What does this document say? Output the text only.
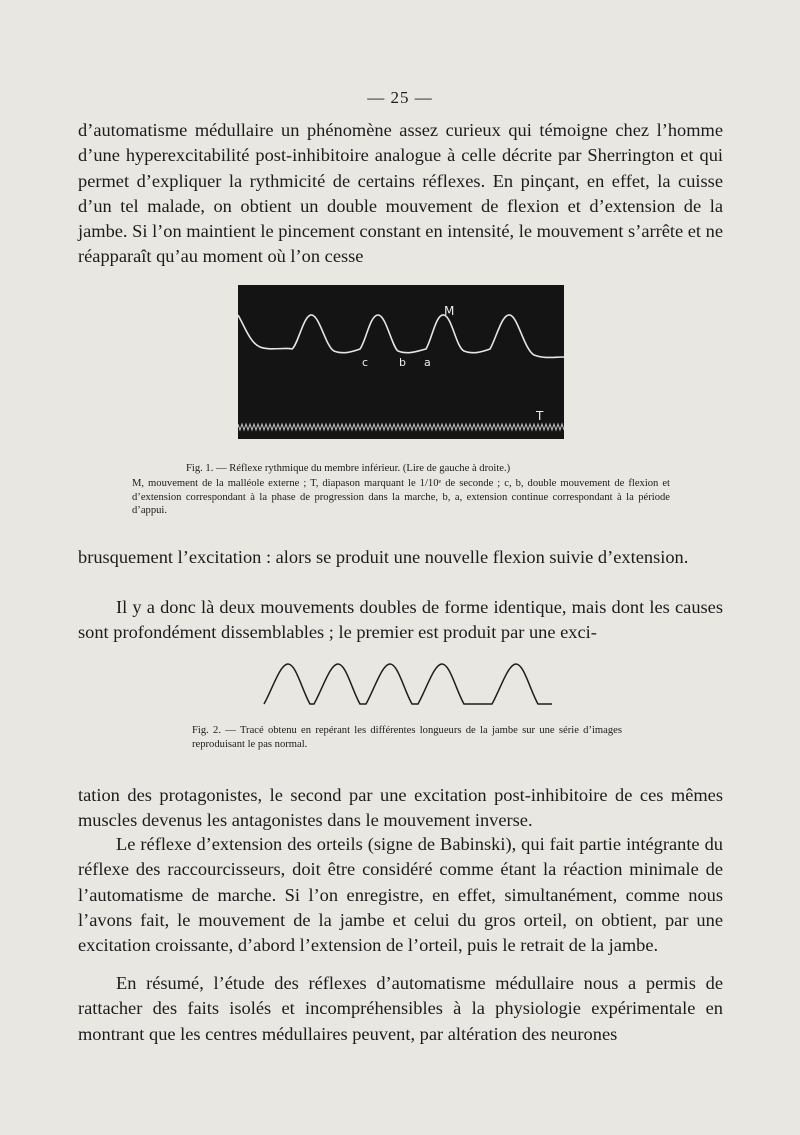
— 25 —

d’automatisme médullaire un phénomène assez curieux qui témoigne chez l’homme d’une hyperexcitabilité post-inhibitoire analogue à celle décrite par Sherrington et qui permet d’expliquer la rythmicité de certains réflexes. En pinçant, en effet, la cuisse d’un tel malade, on obtient un double mouvement de flexion et d’extension de la jambe. Si l’on maintient le pincement constant en intensité, le mouvement s’arrête et ne réapparaît qu’au moment où l’on cesse

M
c	b a
T

Fig. 1. — Réflexe rythmique du membre inférieur. (Lire de gauche à droite.)

M, mouvement de la malléole externe ; T, diapason marquant le 1/10ᵉ de seconde ; c, b, double mouvement de flexion et d’extension correspondant à la phase de progression dans la marche, b, a, extension continue correspondant à la période d’appui.

brusquement l’excitation : alors se produit une nouvelle flexion suivie d’extension.

Il y a donc là deux mouvements doubles de forme identique, mais dont les causes sont profondément dissemblables ; le premier est produit par une exci-

Fig. 2. — Tracé obtenu en repérant les différentes longueurs de la jambe sur une série d’images reproduisant le pas normal.

tation des protagonistes, le second par une excitation post-inhibitoire de ces mêmes muscles devenus les antagonistes dans le mouvement inverse.

Le réflexe d’extension des orteils (signe de Babinski), qui fait partie intégrante du réflexe des raccourcisseurs, doit être considéré comme étant la réaction minimale de l’automatisme de marche. Si l’on enregistre, en effet, simultanément, comme nous l’avons fait, le mouvement de la jambe et celui du gros orteil, on obtient, par une excitation croissante, d’abord l’extension de l’orteil, puis le retrait de la jambe.

En résumé, l’étude des réflexes d’automatisme médullaire nous a permis de rattacher des faits isolés et incompréhensibles à la physiologie expérimentale en montrant que les centres médullaires peuvent, par altération des neurones
